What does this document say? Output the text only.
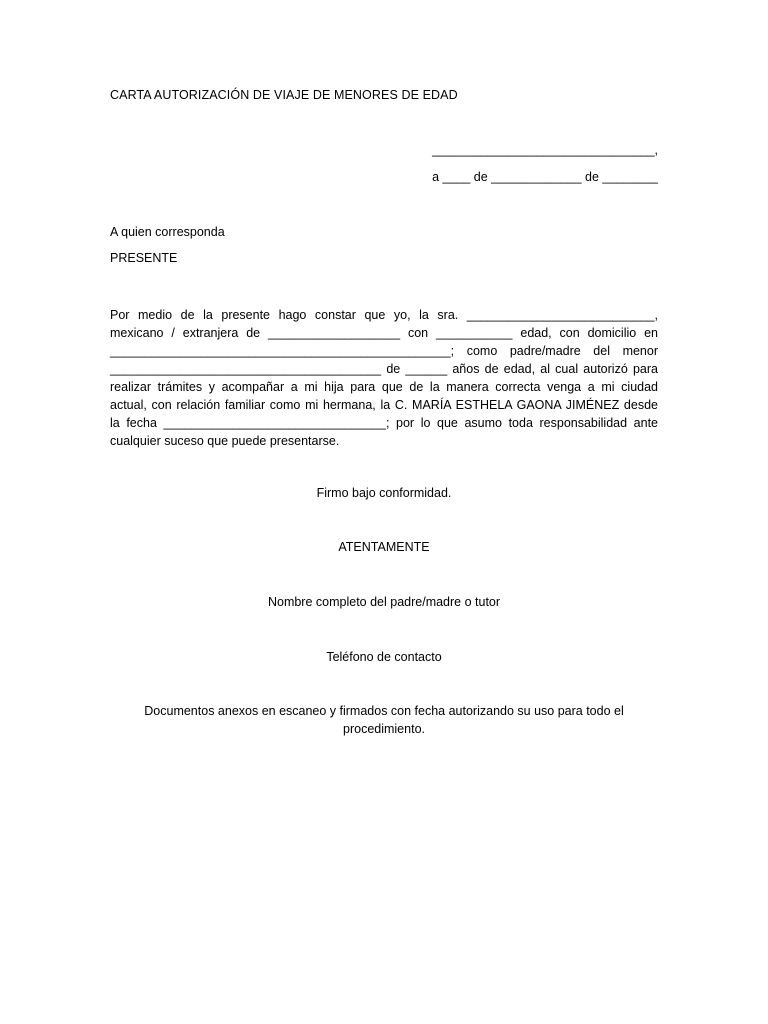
CARTA AUTORIZACIÓN DE VIAJE DE MENORES DE EDAD
________________________________,
a ____ de _____________ de ________
A quien corresponda
PRESENTE
Por medio de la presente hago constar que yo, la sra. ___________________________,
mexicano / extranjera de ___________________ con ___________ edad, con domicilio en
_________________________________________________; como padre/madre del menor
_______________________________________ de ______ años de edad, al cual autorizó para
realizar trámites y acompañar a mi hija para que de la manera correcta venga a mi ciudad
actual, con relación familiar como mi hermana, la C. MARÍA ESTHELA GAONA JIMÉNEZ desde
la fecha ________________________________; por lo que asumo toda responsabilidad ante
cualquier suceso que puede presentarse.
Firmo bajo conformidad.
ATENTAMENTE
Nombre completo del padre/madre o tutor
Teléfono de contacto
Documentos anexos en escaneo y firmados con fecha autorizando su uso para todo el procedimiento.
